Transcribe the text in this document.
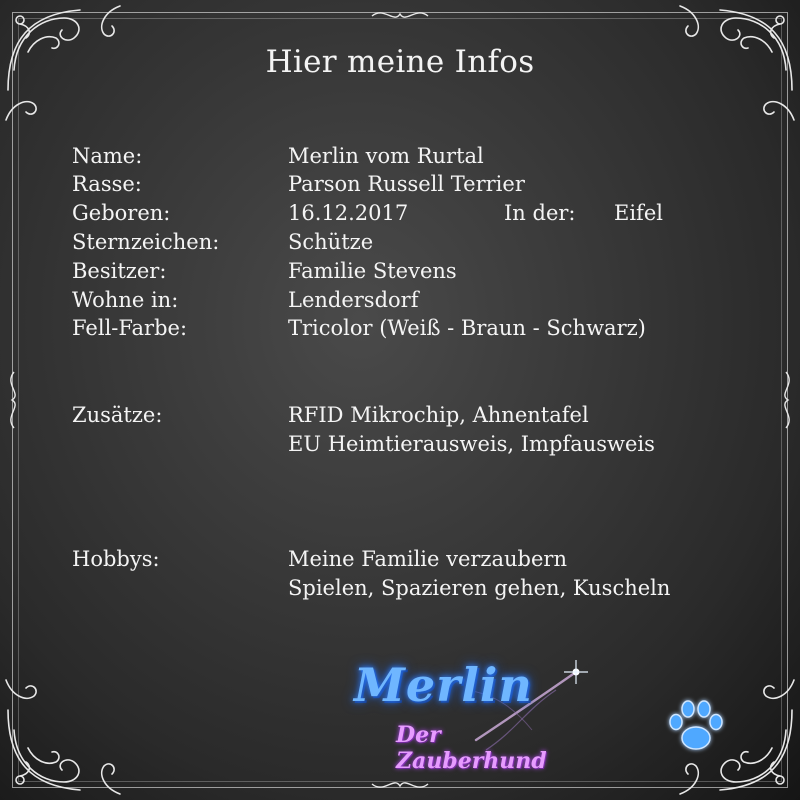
Hier meine Infos
Name:	Merlin vom Rurtal
Rasse:	Parson Russell Terrier
Geboren:	16.12.2017	In der: Eifel
Sternzeichen:	Schütze
Besitzer:	Familie Stevens
Wohne in:	Lendersdorf
Fell-Farbe:	Tricolor (Weiß - Braun - Schwarz)
Zusätze:	RFID Mikrochip, Ahnentafel
EU Heimtierausweis, Impfausweis
Hobbys:	Meine Familie verzaubern
Spielen, Spazieren gehen, Kuscheln
Merlin
Der Zauberhund
